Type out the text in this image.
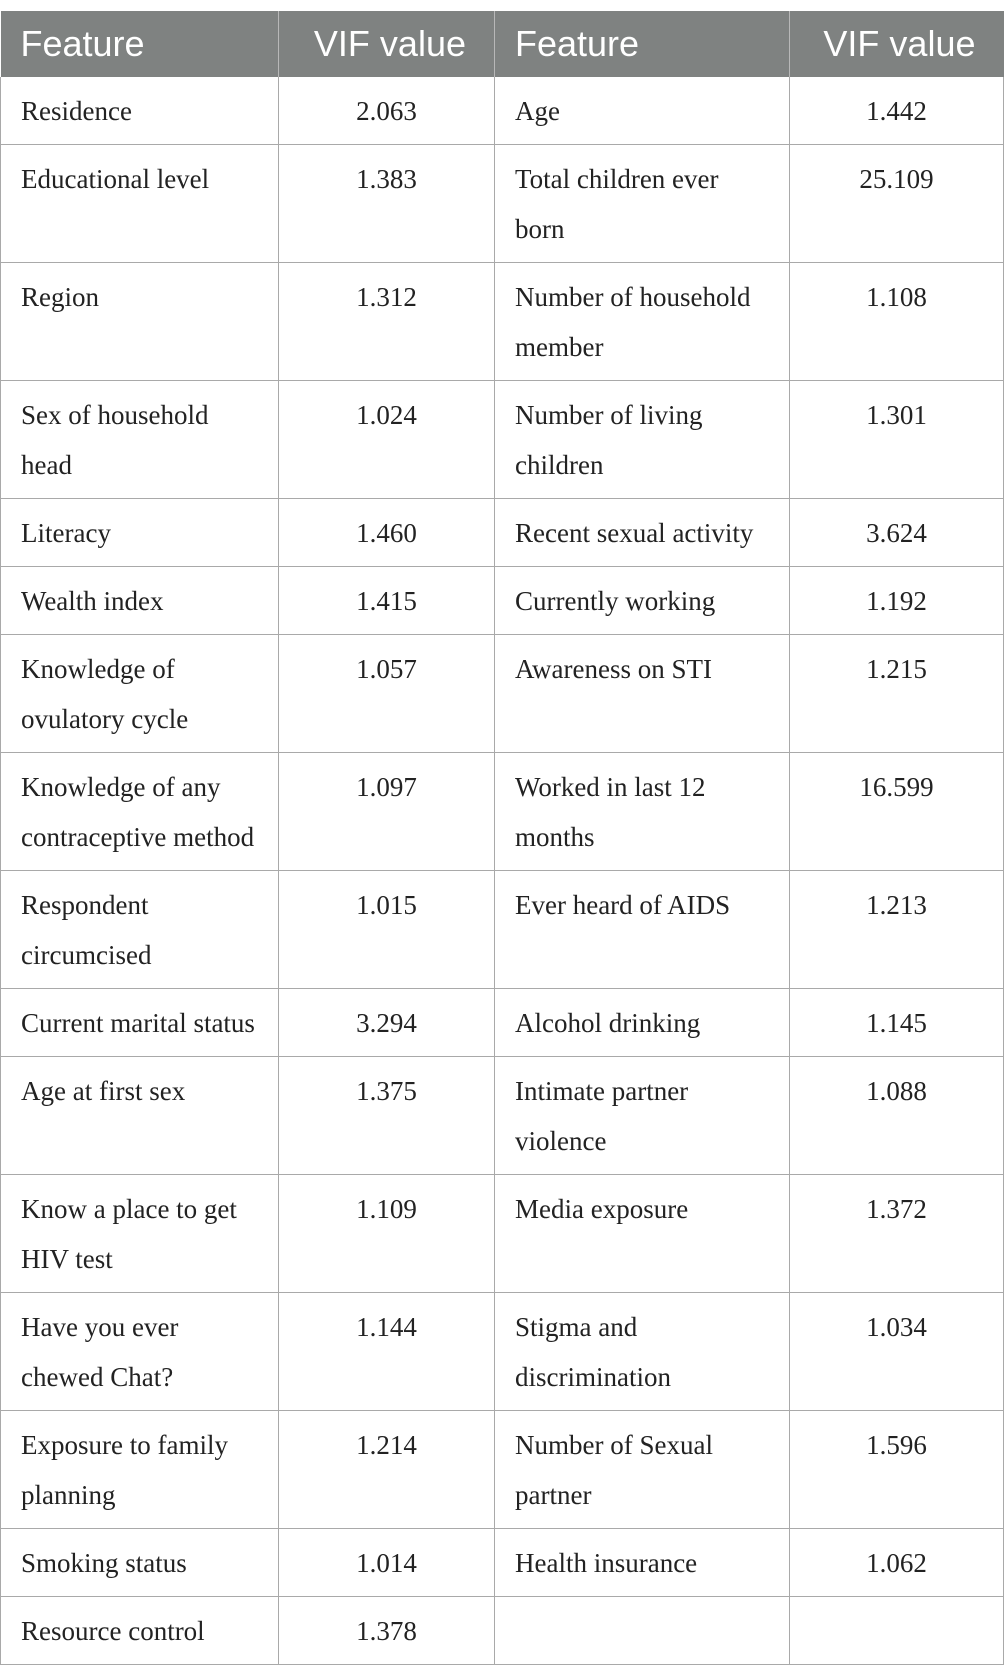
Feature	VIF value	Feature	VIF value
Residence	2.063	Age	1.442
Educational level	1.383	Total children ever born	25.109
Region	1.312	Number of household member	1.108
Sex of household head	1.024	Number of living children	1.301
Literacy	1.460	Recent sexual activity	3.624
Wealth index	1.415	Currently working	1.192
Knowledge of ovulatory cycle	1.057	Awareness on STI	1.215
Knowledge of any contraceptive method	1.097	Worked in last 12 months	16.599
Respondent circumcised	1.015	Ever heard of AIDS	1.213
Current marital status	3.294	Alcohol drinking	1.145
Age at first sex	1.375	Intimate partner violence	1.088
Know a place to get HIV test	1.109	Media exposure	1.372
Have you ever chewed Chat?	1.144	Stigma and discrimination	1.034
Exposure to family planning	1.214	Number of Sexual partner	1.596
Smoking status	1.014	Health insurance	1.062
Resource control	1.378		
